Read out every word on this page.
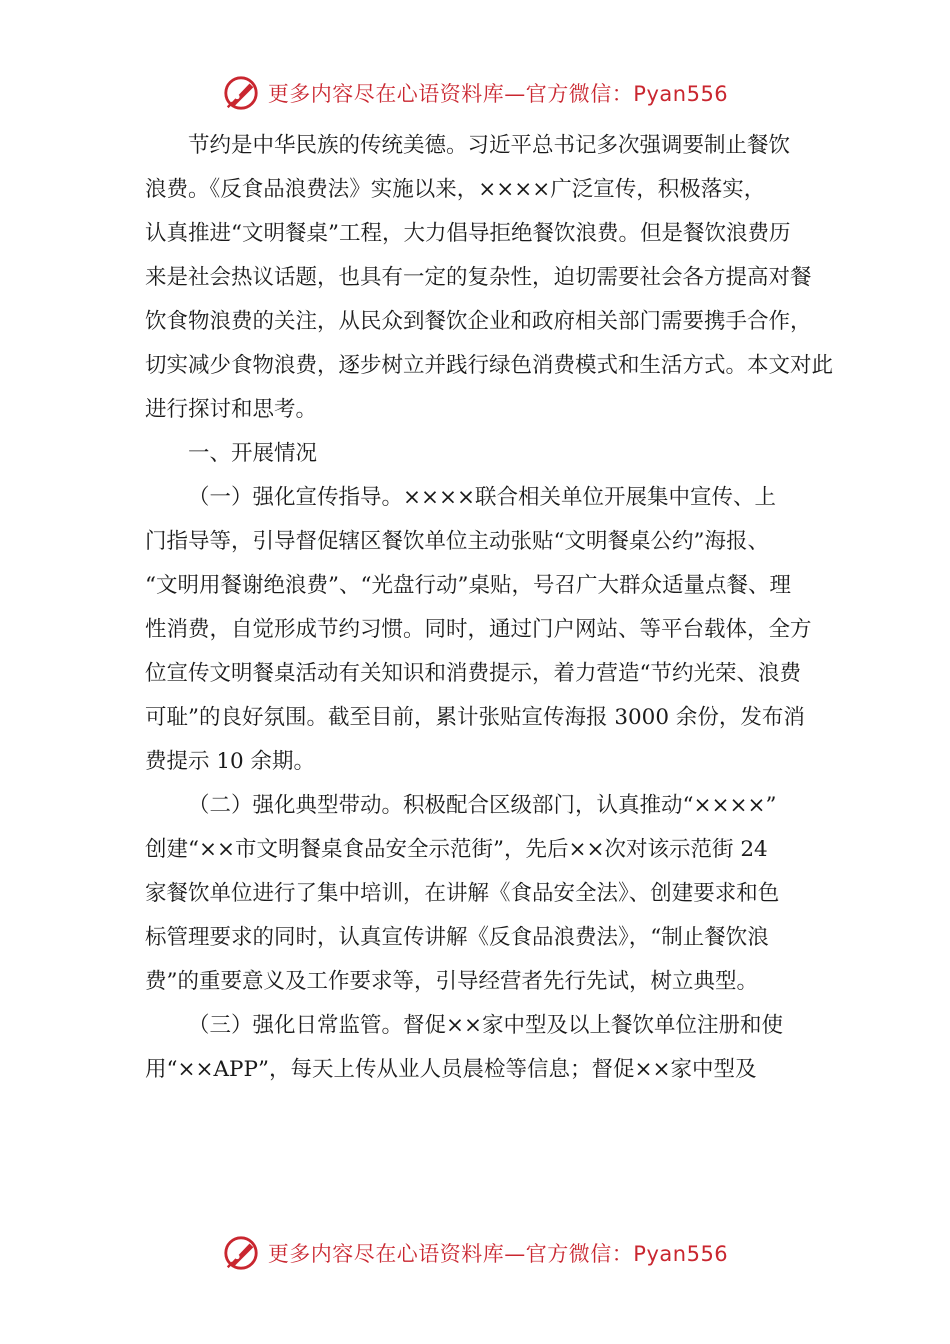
更多内容尽在心语资料库—官方微信：Pyan556
节约是中华民族的传统美德。习近平总书记多次强调要制止餐饮
浪费。《反食品浪费法》实施以来，××××广泛宣传，积极落实，
认真推进“文明餐桌”工程，大力倡导拒绝餐饮浪费。但是餐饮浪费历
来是社会热议话题，也具有一定的复杂性，迫切需要社会各方提高对餐
饮食物浪费的关注，从民众到餐饮企业和政府相关部门需要携手合作，
切实减少食物浪费，逐步树立并践行绿色消费模式和生活方式。本文对此
进行探讨和思考。
一、开展情况
（一）强化宣传指导。××××联合相关单位开展集中宣传、上
门指导等，引导督促辖区餐饮单位主动张贴“文明餐桌公约”海报、
“文明用餐谢绝浪费”、“光盘行动”桌贴，号召广大群众适量点餐、理
性消费，自觉形成节约习惯。同时，通过门户网站、等平台载体，全方
位宣传文明餐桌活动有关知识和消费提示，着力营造“节约光荣、浪费
可耻”的良好氛围。截至目前，累计张贴宣传海报 3000 余份，发布消
费提示 10 余期。
（二）强化典型带动。积极配合区级部门，认真推动“××××”
创建“××市文明餐桌食品安全示范街”，先后××次对该示范街 24
家餐饮单位进行了集中培训，在讲解《食品安全法》、创建要求和色
标管理要求的同时，认真宣传讲解《反食品浪费法》，“制止餐饮浪
费”的重要意义及工作要求等，引导经营者先行先试，树立典型。
（三）强化日常监管。督促××家中型及以上餐饮单位注册和使
用“××APP”，每天上传从业人员晨检等信息；督促××家中型及
更多内容尽在心语资料库—官方微信：Pyan556
